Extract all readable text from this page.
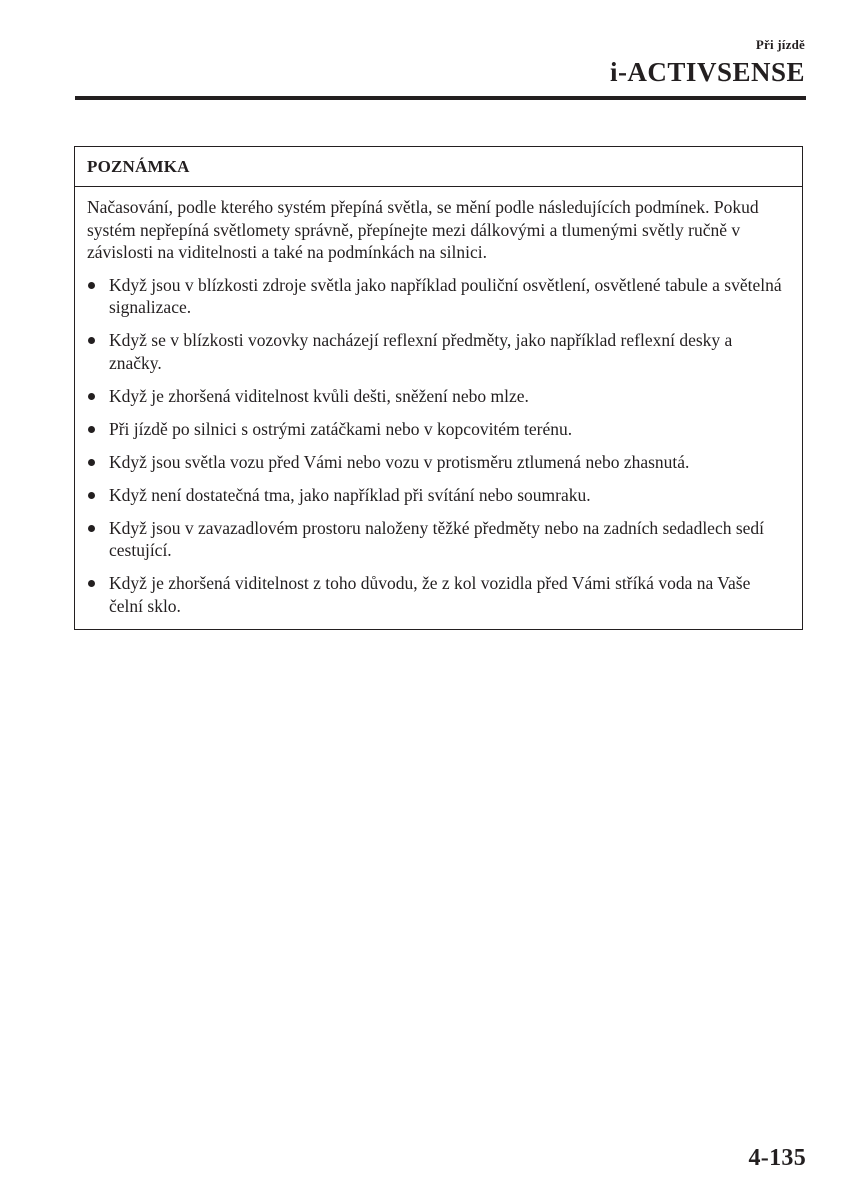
Při jízdě
i-ACTIVSENSE
POZNÁMKA

Načasování, podle kterého systém přepíná světla, se mění podle následujících podmínek. Pokud systém nepřepíná světlomety správně, přepínejte mezi dálkovými a tlumenými světly ručně v závislosti na viditelnosti a také na podmínkách na silnici.

Když jsou v blízkosti zdroje světla jako například pouliční osvětlení, osvětlené tabule a světelná signalizace.
Když se v blízkosti vozovky nacházejí reflexní předměty, jako například reflexní desky a značky.
Když je zhoršená viditelnost kvůli dešti, sněžení nebo mlze.
Při jízdě po silnici s ostrými zatáčkami nebo v kopcovitém terénu.
Když jsou světla vozu před Vámi nebo vozu v protisměru ztlumená nebo zhasnutá.
Když není dostatečná tma, jako například při svítání nebo soumraku.
Když jsou v zavazadlovém prostoru naloženy těžké předměty nebo na zadních sedadlech sedí cestující.
Když je zhoršená viditelnost z toho důvodu, že z kol vozidla před Vámi stříká voda na Vaše čelní sklo.
4-135
